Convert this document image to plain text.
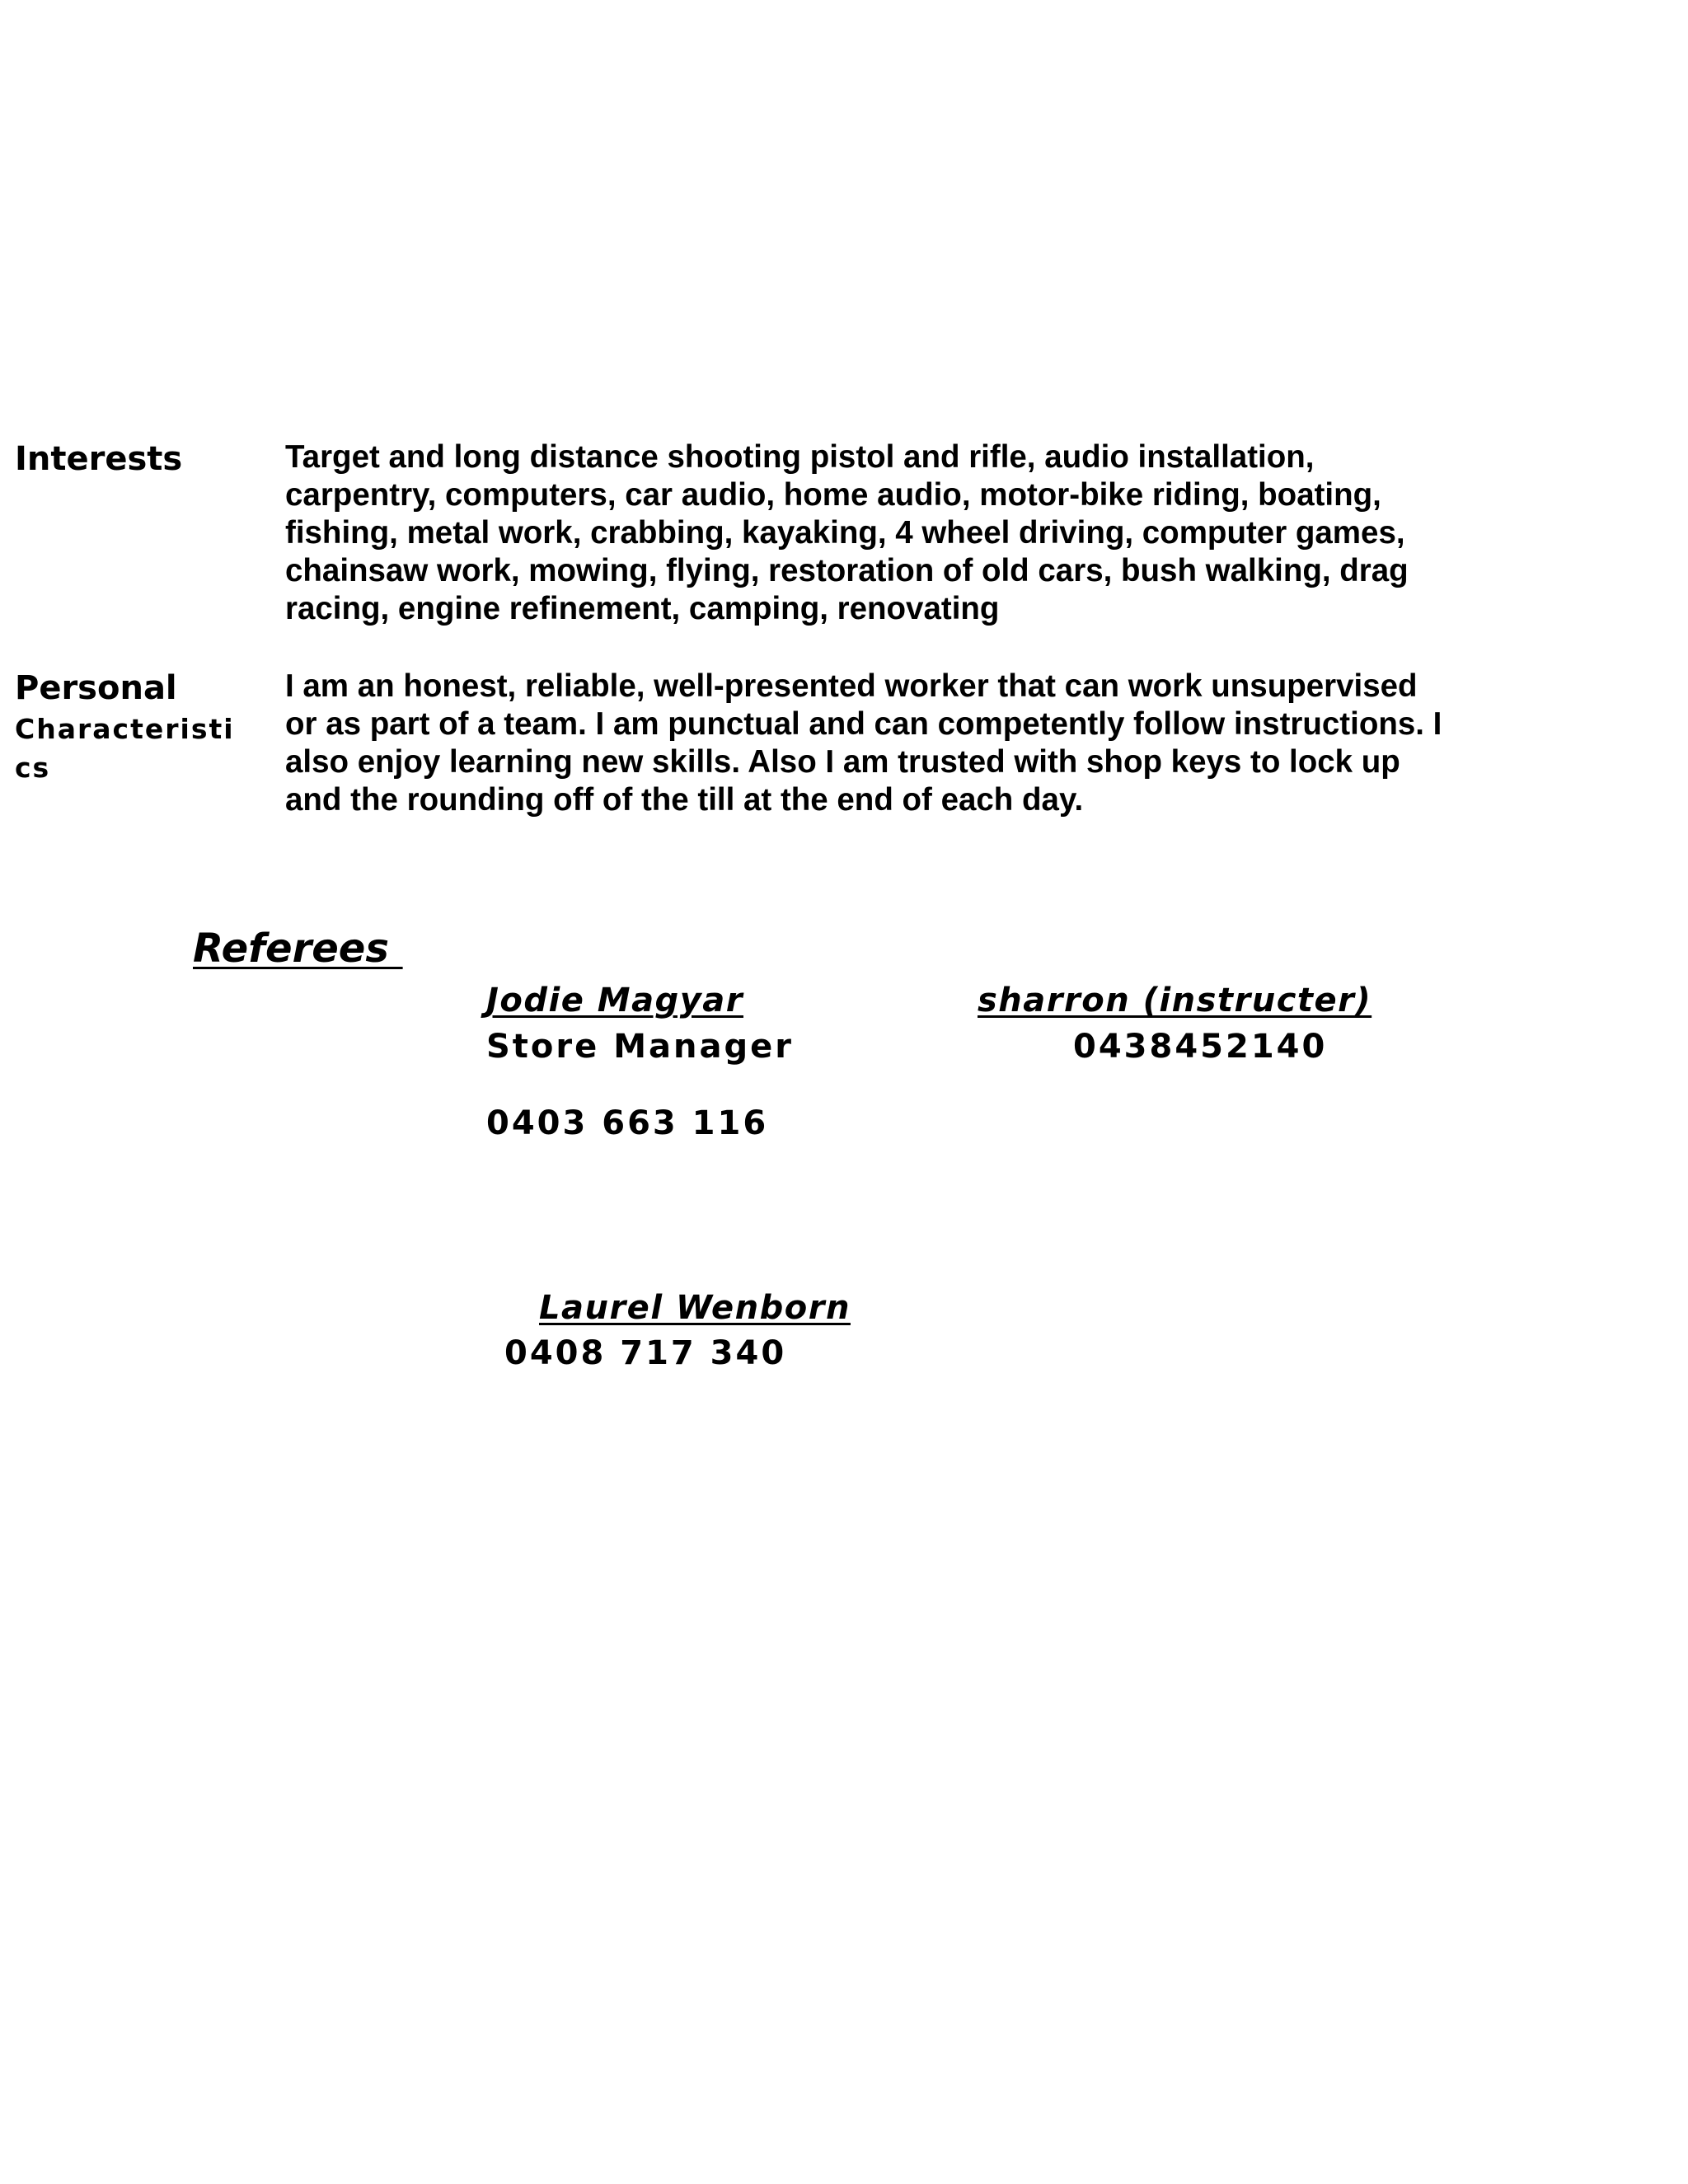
Interests	Target and long distance shooting pistol and rifle, audio installation,
carpentry, computers, car audio, home audio, motor-bike riding, boating,
fishing, metal work, crabbing, kayaking, 4 wheel driving, computer games,
chainsaw work, mowing, flying, restoration of old cars, bush walking, drag
racing, engine refinement, camping, renovating
Personal
Characteristi
cs
I am an honest, reliable, well-presented worker that can work unsupervised
or as part of a team. I am punctual and can competently follow instructions. I
also enjoy learning new skills. Also I am trusted with shop keys to lock up
and the rounding off of the till at the end of each day.
Referees
Jodie Magyar
Store Manager
0403 663 116
sharron (instructer)
0438452140
Laurel Wenborn
0408 717 340
